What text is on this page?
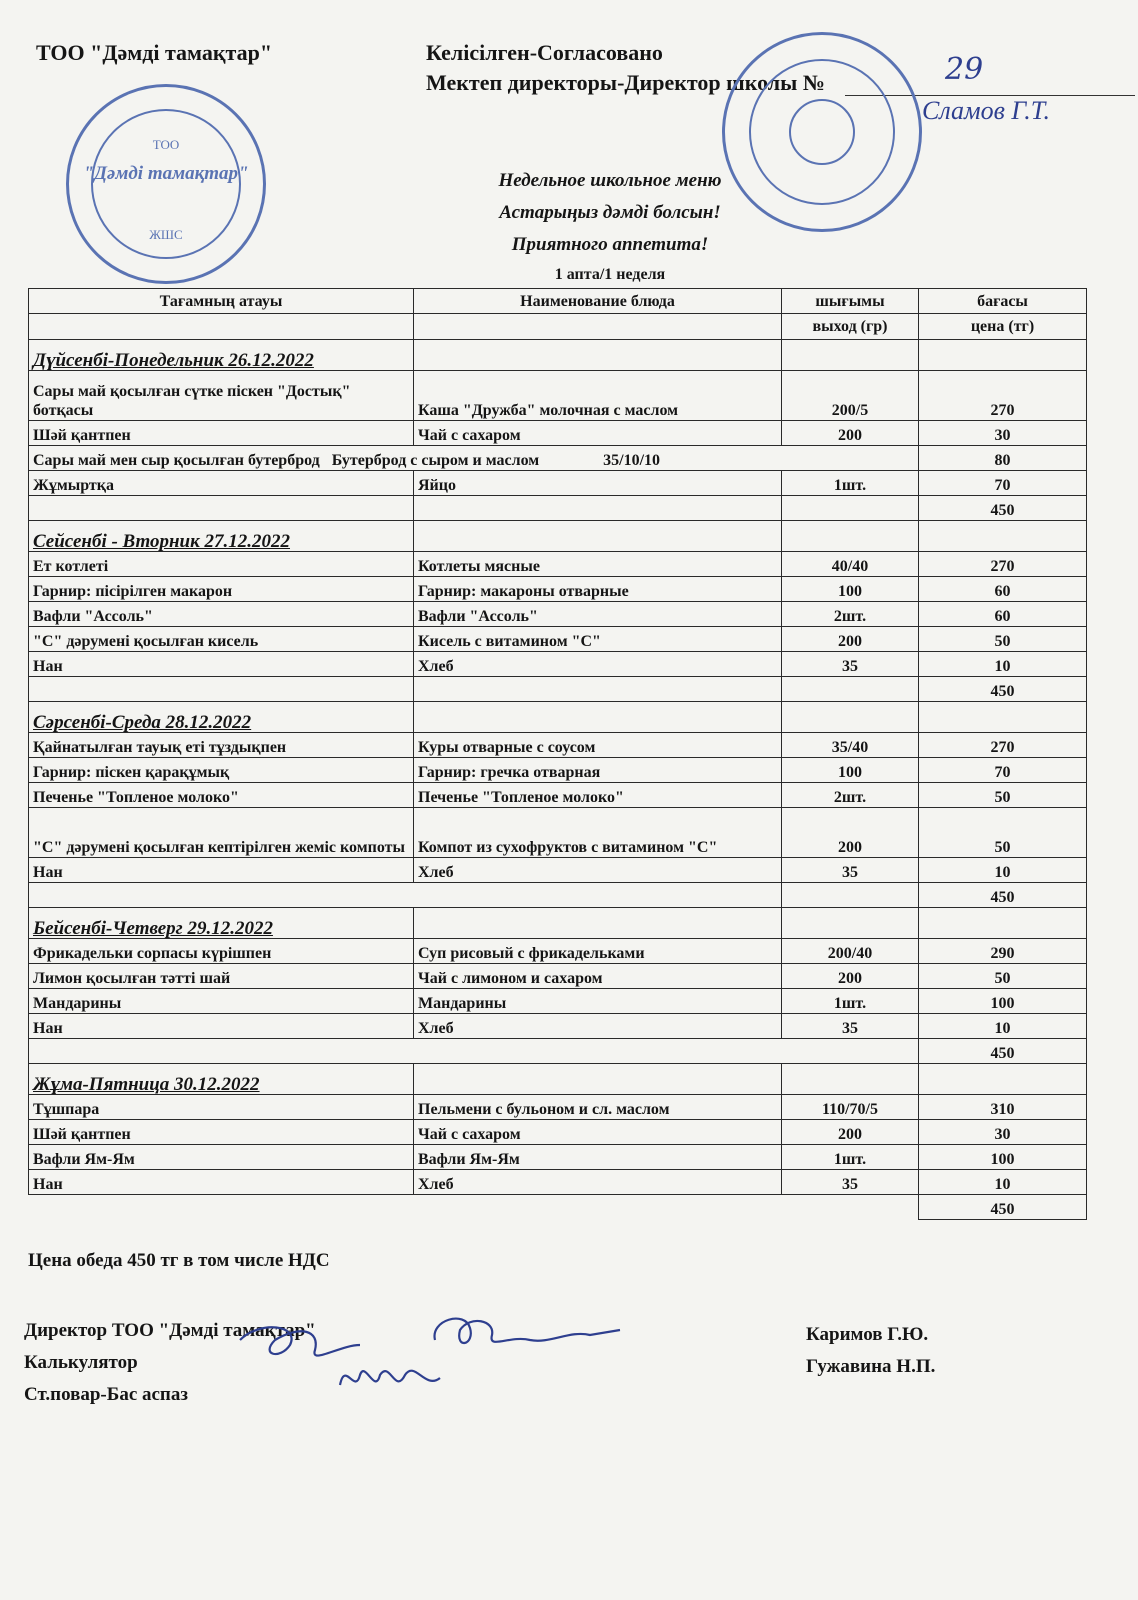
ТОО "Дәмді тамақтар"	Келісілген-Согласовано
Мектеп директоры-Директор школы №	29
Сламов Г.Т.
ТОО
"Дәмді тамақтар"
ЖШС
Недельное школьное меню
Астарыңыз дәмді болсын!
Приятного аппетита!
1 апта/1 неделя
Тағамның атауы	Наименование блюда	шығымы	бағасы
		выход (гр)	цена (тг)
Дүйсенбі-Понедельник 26.12.2022			
Сары май қосылған сүтке піскен "Достық" ботқасы	Каша "Дружба" молочная с маслом	200/5	270
Шәй қантпен	Чай с сахаром	200	30
Сары май мен сыр қосылған бутерброд   Бутерброд с сыром и маслом                35/10/10			80
Жұмыртқа	Яйцо	1шт.	70
			450
Сейсенбі - Вторник 27.12.2022			
Ет котлеті	Котлеты мясные	40/40	270
Гарнир: пісірілген макарон	Гарнир: макароны отварные	100	60
Вафли "Ассоль"	Вафли "Ассоль"	2шт.	60
"С" дәрумені қосылған кисель	Кисель с витамином "С"	200	50
Нан	Хлеб	35	10
			450
Сәрсенбі-Среда 28.12.2022			
Қайнатылған тауық еті тұздықпен	Куры отварные с соусом	35/40	270
Гарнир: піскен қарақұмық	Гарнир: гречка отварная	100	70
Печенье "Топленое молоко"	Печенье "Топленое молоко"	2шт.	50
"С" дәрумені қосылған кептірілген жеміс компоты	Компот из сухофруктов с витамином "С"	200	50
Нан	Хлеб	35	10
			450
Бейсенбі-Четверг 29.12.2022			
Фрикадельки сорпасы күрішпен	Суп рисовый с фрикадельками	200/40	290
Лимон қосылған тәтті шай	Чай с лимоном и сахаром	200	50
Мандарины	Мандарины	1шт.	100
Нан	Хлеб	35	10
			450
Жұма-Пятница 30.12.2022			
Тұшпара	Пельмени с бульоном и сл. маслом	110/70/5	310
Шәй қантпен	Чай с сахаром	200	30
Вафли Ям-Ям	Вафли Ям-Ям	1шт.	100
Нан	Хлеб	35	10
			450
Цена обеда 450 тг в том числе НДС
Директор ТОО "Дәмді тамақтар"
Калькулятор
Ст.повар-Бас аспаз
Каримов Г.Ю.
Гужавина Н.П.
